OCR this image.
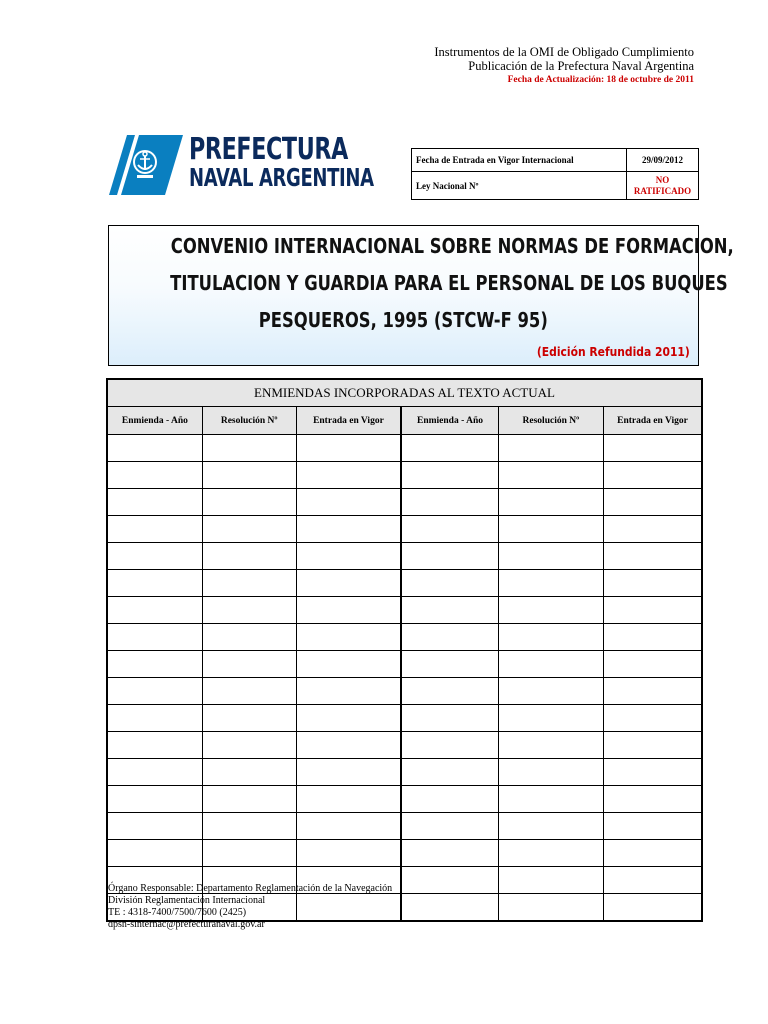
Instrumentos de la OMI de Obligado Cumplimiento
Publicación de la Prefectura Naval Argentina
Fecha de Actualización: 18 de octubre de 2011
PREFECTURA
NAVAL ARGENTINA
Fecha de Entrada en Vigor Internacional	29/09/2012
Ley Nacional Nº	NO RATIFICADO
CONVENIO INTERNACIONAL SOBRE NORMAS DE FORMACION,
TITULACION Y GUARDIA PARA EL PERSONAL DE LOS BUQUES
PESQUEROS, 1995 (STCW-F 95)
(Edición Refundida 2011)
ENMIENDAS INCORPORADAS AL TEXTO ACTUAL					
Enmienda - Año	Resolución Nº	Entrada en Vigor	Enmienda - Año	Resolución Nº	Entrada en Vigor

Órgano Responsable: Departamento Reglamentación de la Navegación
División Reglamentación Internacional
TE : 4318-7400/7500/7600 (2425)
dpsn-sinternac@prefecturanaval.gov.ar
